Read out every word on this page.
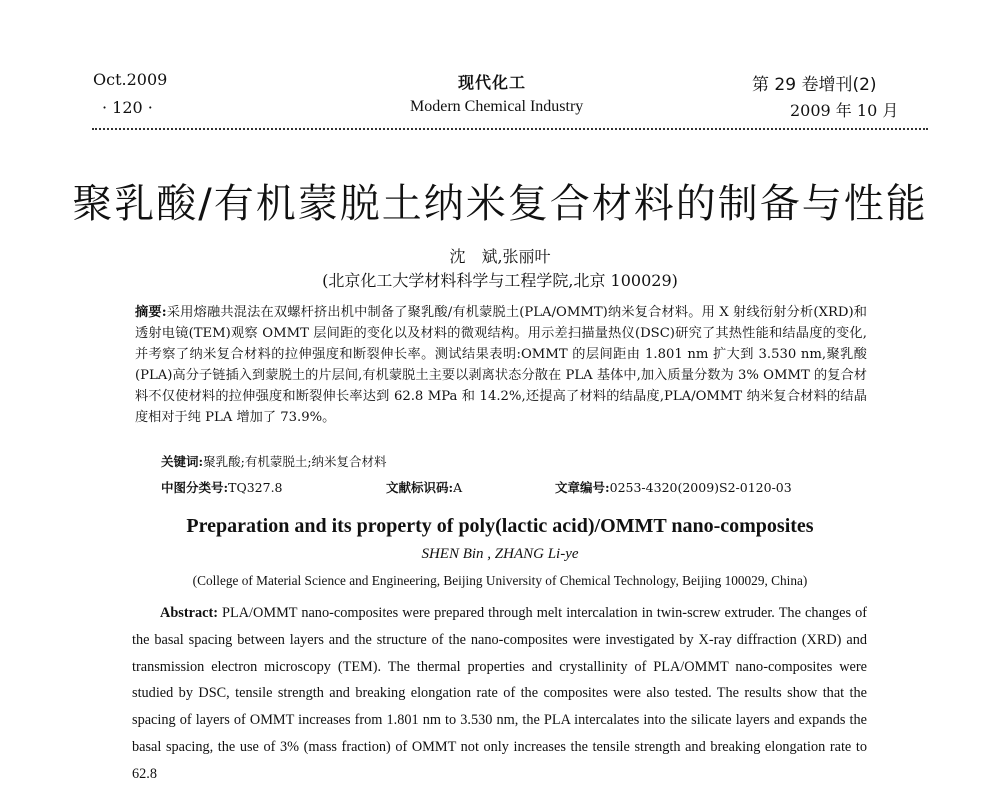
Oct.2009	现代化工	第 29 卷增刊(2)
· 120 ·	Modern Chemical Industry	2009 年 10 月
聚乳酸/有机蒙脱土纳米复合材料的制备与性能
沈　斌,张丽叶
(北京化工大学材料科学与工程学院,北京 100029)
摘要:采用熔融共混法在双螺杆挤出机中制备了聚乳酸/有机蒙脱土(PLA/OMMT)纳米复合材料。用 X 射线衍射分析(XRD)和透射电镜(TEM)观察 OMMT 层间距的变化以及材料的微观结构。用示差扫描量热仪(DSC)研究了其热性能和结晶度的变化,并考察了纳米复合材料的拉伸强度和断裂伸长率。测试结果表明:OMMT 的层间距由 1.801 nm 扩大到 3.530 nm,聚乳酸(PLA)高分子链插入到蒙脱土的片层间,有机蒙脱土主要以剥离状态分散在 PLA 基体中,加入质量分数为 3% OMMT 的复合材料不仅使材料的拉伸强度和断裂伸长率达到 62.8 MPa 和 14.2%,还提高了材料的结晶度,PLA/OMMT 纳米复合材料的结晶度相对于纯 PLA 增加了 73.9%。
关键词:聚乳酸;有机蒙脱土;纳米复合材料
中图分类号:TQ327.8	文献标识码:A	文章编号:0253-4320(2009)S2-0120-03
Preparation and its property of poly(lactic acid)/OMMT nano-composites
SHEN Bin , ZHANG Li-ye
(College of Material Science and Engineering, Beijing University of Chemical Technology, Beijing 100029, China)
Abstract: PLA/OMMT nano-composites were prepared through melt intercalation in twin-screw extruder. The changes of the basal spacing between layers and the structure of the nano-composites were investigated by X-ray diffraction (XRD) and transmission electron microscopy (TEM). The thermal properties and crystallinity of PLA/OMMT nano-composites were studied by DSC, tensile strength and breaking elongation rate of the composites were also tested. The results show that the spacing of layers of OMMT increases from 1.801 nm to 3.530 nm, the PLA intercalates into the silicate layers and expands the basal spacing, the use of 3% (mass fraction) of OMMT not only increases the tensile strength and breaking elongation rate to 62.8
